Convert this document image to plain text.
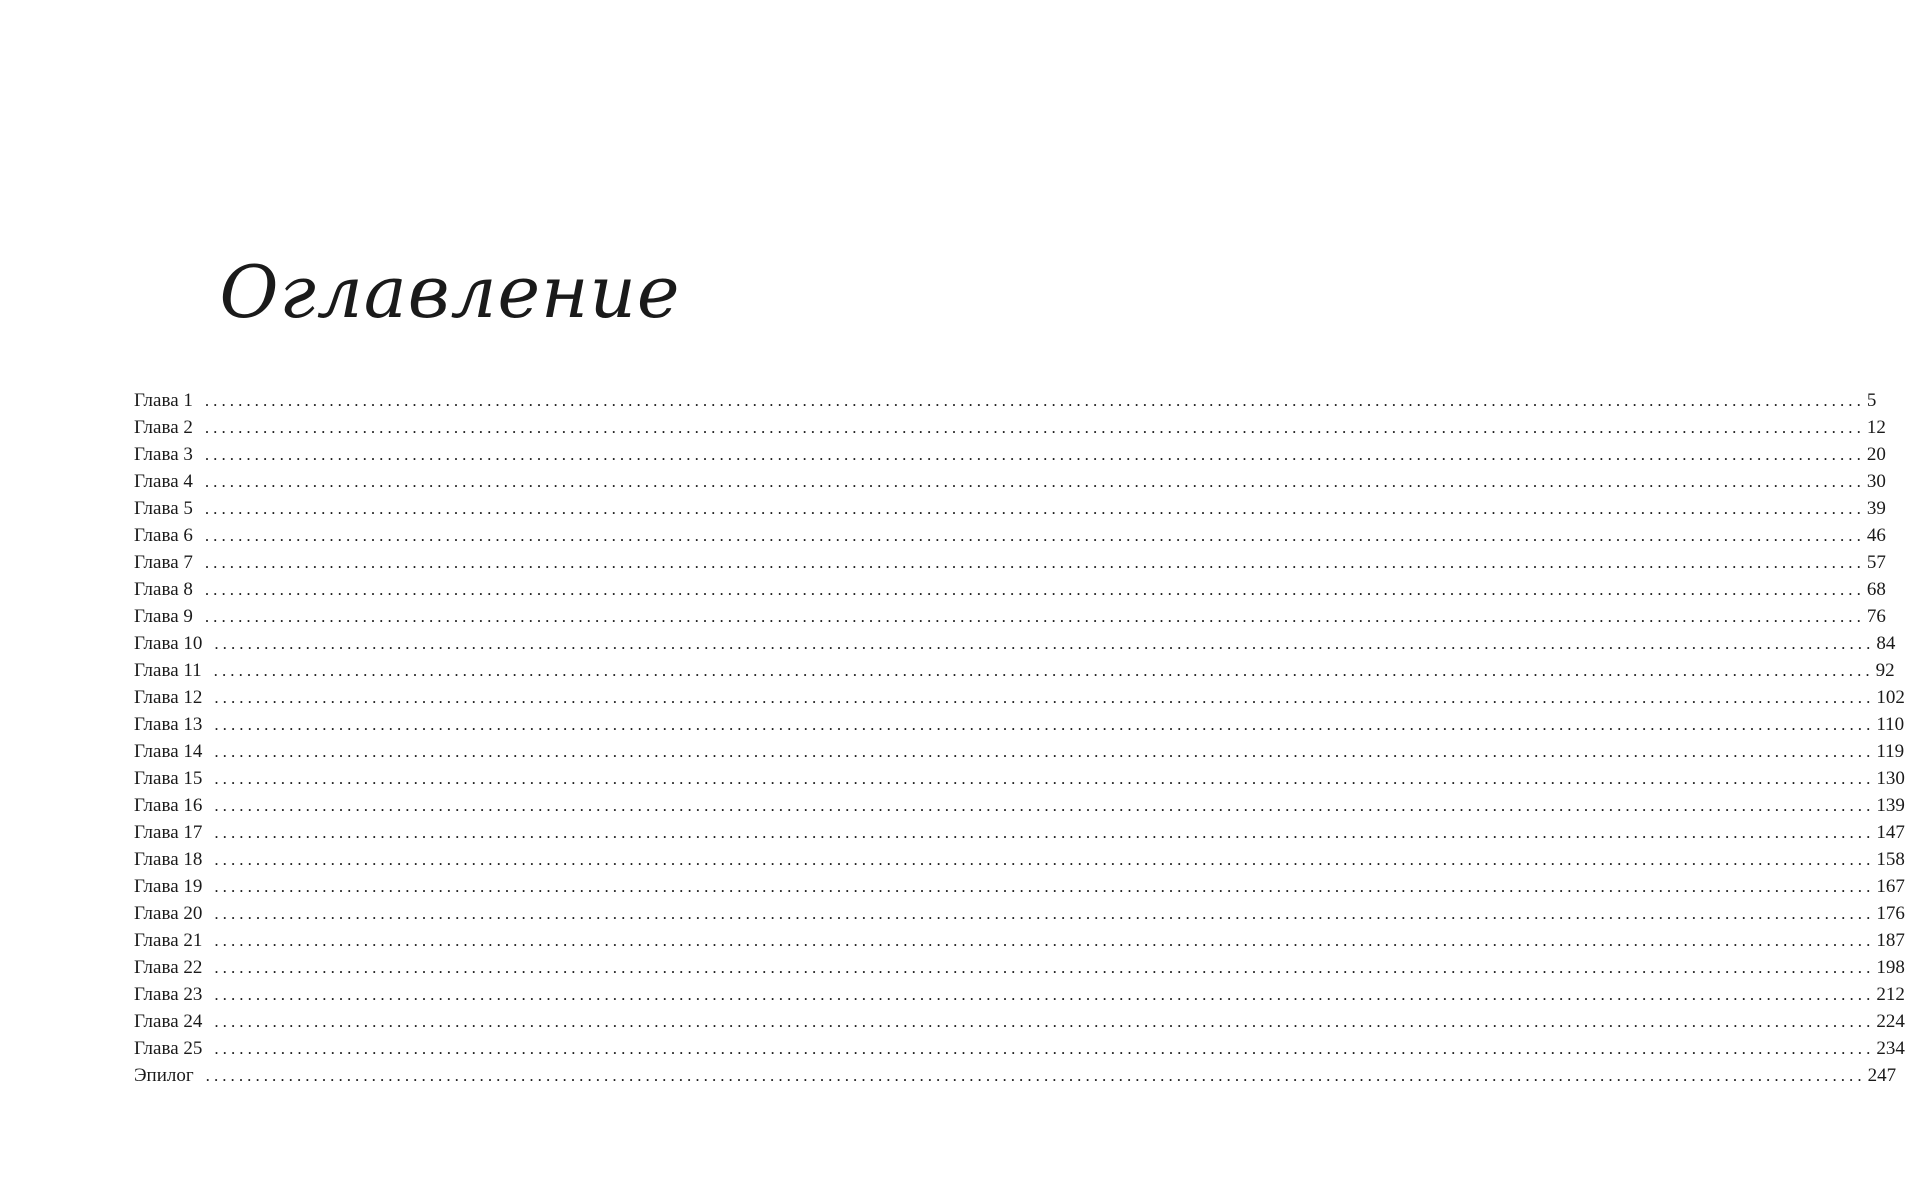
Оглавление
Глава 1 ........................................................................................................................................................................................................ 5
Глава 2 ........................................................................................................................................................................................................ 12
Глава 3 ........................................................................................................................................................................................................ 20
Глава 4 ........................................................................................................................................................................................................ 30
Глава 5 ........................................................................................................................................................................................................ 39
Глава 6 ........................................................................................................................................................................................................ 46
Глава 7 ........................................................................................................................................................................................................ 57
Глава 8 ........................................................................................................................................................................................................ 68
Глава 9 ........................................................................................................................................................................................................ 76
Глава 10 ........................................................................................................................................................................................................ 84
Глава 11 ........................................................................................................................................................................................................ 92
Глава 12 ........................................................................................................................................................................................................ 102
Глава 13 ........................................................................................................................................................................................................ 110
Глава 14 ........................................................................................................................................................................................................ 119
Глава 15 ........................................................................................................................................................................................................ 130
Глава 16 ........................................................................................................................................................................................................ 139
Глава 17 ........................................................................................................................................................................................................ 147
Глава 18 ........................................................................................................................................................................................................ 158
Глава 19 ........................................................................................................................................................................................................ 167
Глава 20 ........................................................................................................................................................................................................ 176
Глава 21 ........................................................................................................................................................................................................ 187
Глава 22 ........................................................................................................................................................................................................ 198
Глава 23 ........................................................................................................................................................................................................ 212
Глава 24 ........................................................................................................................................................................................................ 224
Глава 25 ........................................................................................................................................................................................................ 234
Эпилог ........................................................................................................................................................................................................ 247
